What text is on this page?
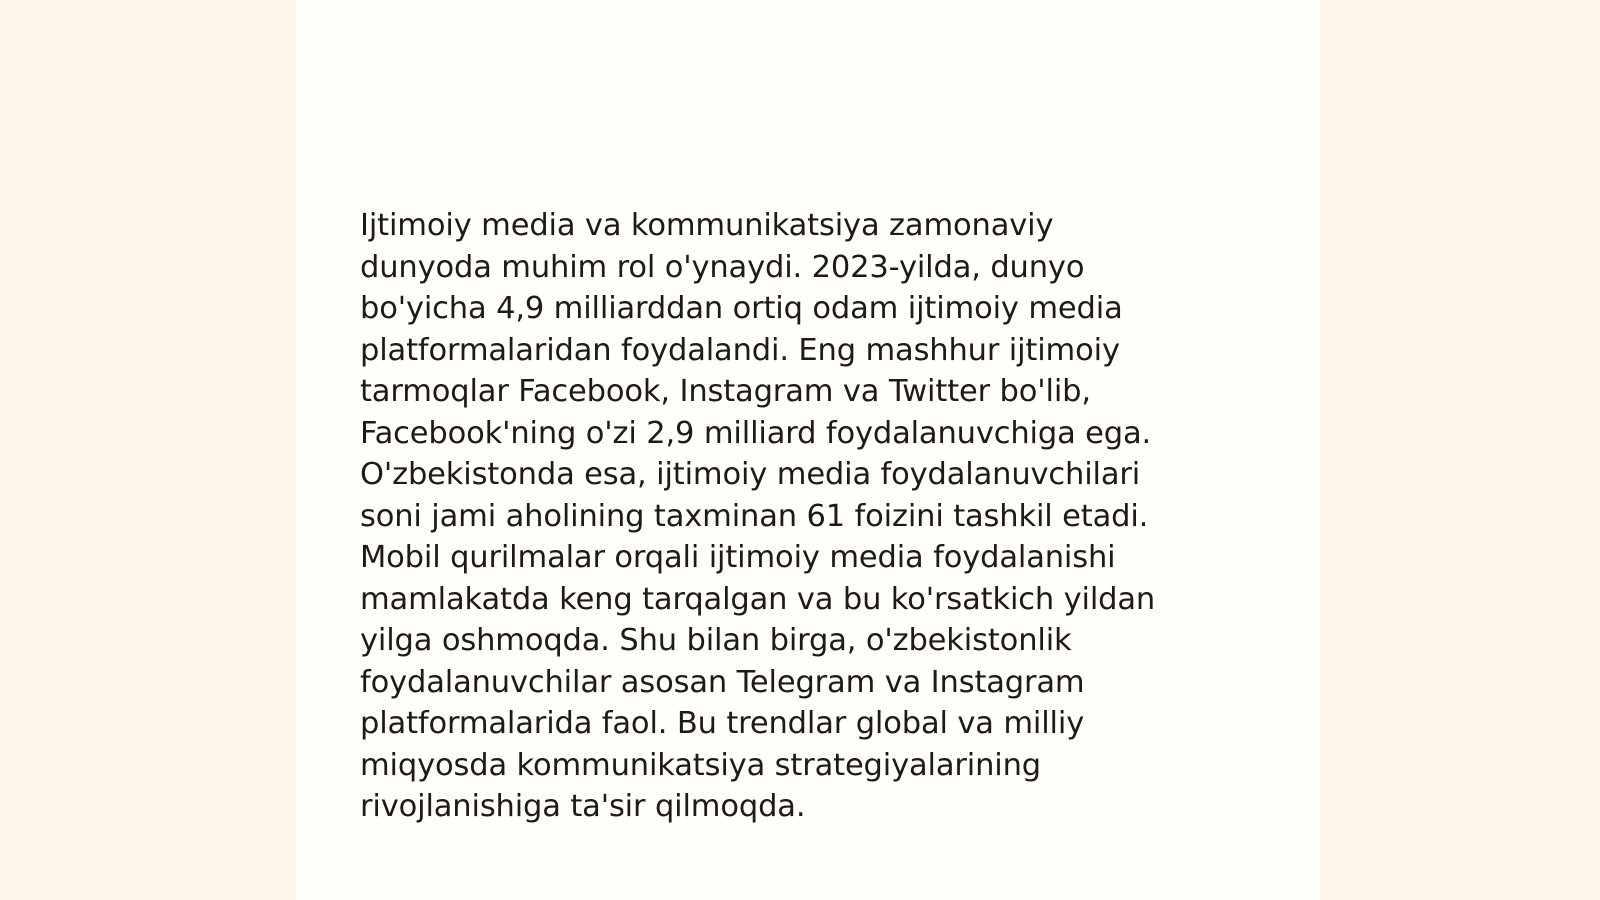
Ijtimoiy media va kommunikatsiya zamonaviy
dunyoda muhim rol o'ynaydi. 2023-yilda, dunyo
bo'yicha 4,9 milliarddan ortiq odam ijtimoiy media
platformalaridan foydalandi. Eng mashhur ijtimoiy
tarmoqlar Facebook, Instagram va Twitter bo'lib,
Facebook'ning o'zi 2,9 milliard foydalanuvchiga ega.
O'zbekistonda esa, ijtimoiy media foydalanuvchilari
soni jami aholining taxminan 61 foizini tashkil etadi.
Mobil qurilmalar orqali ijtimoiy media foydalanishi
mamlakatda keng tarqalgan va bu ko'rsatkich yildan
yilga oshmoqda. Shu bilan birga, o'zbekistonlik
foydalanuvchilar asosan Telegram va Instagram
platformalarida faol. Bu trendlar global va milliy
miqyosda kommunikatsiya strategiyalarining
rivojlanishiga ta'sir qilmoqda.
